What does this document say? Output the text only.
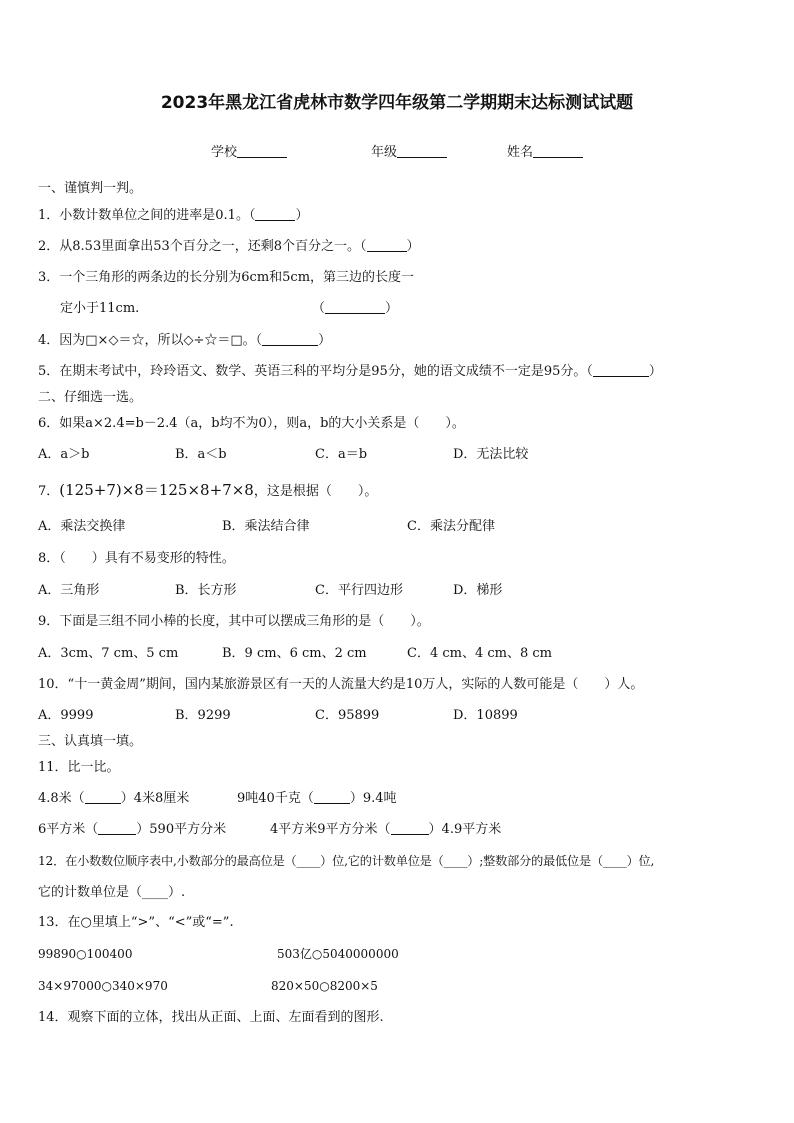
2023年黑龙江省虎林市数学四年级第二学期期末达标测试试题
学校	年级	姓名
一、谨慎判一判。
1．小数计数单位之间的进率是0.1。（	）
2．从8.53里面拿出53个百分之一，还剩8个百分之一。（	）
3．一个三角形的两条边的长分别为6cm和5cm，第三边的长度一
定小于11cm.	（	）
4．因为□×◇＝☆，所以◇÷☆＝□。（	）
5．在期末考试中，玲玲语文、数学、英语三科的平均分是95分，她的语文成绩不一定是95分。（	）
二、仔细选一选。
6．如果a×2.4=b－2.4（a，b均不为0），则a，b的大小关系是（　　）。
A．a＞b	B．a＜b	C．a＝b	D．无法比较
7．(125+7)×8＝125×8+7×8，这是根据（　　）。
A．乘法交换律	B．乘法结合律	C．乘法分配律
8．（　　）具有不易变形的特性。
A．三角形	B．长方形	C．平行四边形	D．梯形
9．下面是三组不同小棒的长度，其中可以摆成三角形的是（　　）。
A．3cm、7 cm、5 cm	B．9 cm、6 cm、2 cm	C．4 cm、4 cm、8 cm
10．“十一黄金周”期间，国内某旅游景区有一天的人流量大约是10万人，实际的人数可能是（　　）人。
A．9999	B．9299	C．95899	D．10899
三、认真填一填。
11．比一比。
4.8米（	）4米8厘米	9吨40千克（	）9.4吨
6平方米（	）590平方分米	4平方米9平方分米（	）4.9平方米
12．在小数数位顺序表中,小数部分的最高位是（____）位,它的计数单位是（____）;整数部分的最低位是（____）位,
它的计数单位是（____）.
13．在○里填上“>”、“<”或“=”.
99890○100400	503亿○5040000000
34×97000○340×970	820×50○8200×5
14．观察下面的立体，找出从正面、上面、左面看到的图形.
